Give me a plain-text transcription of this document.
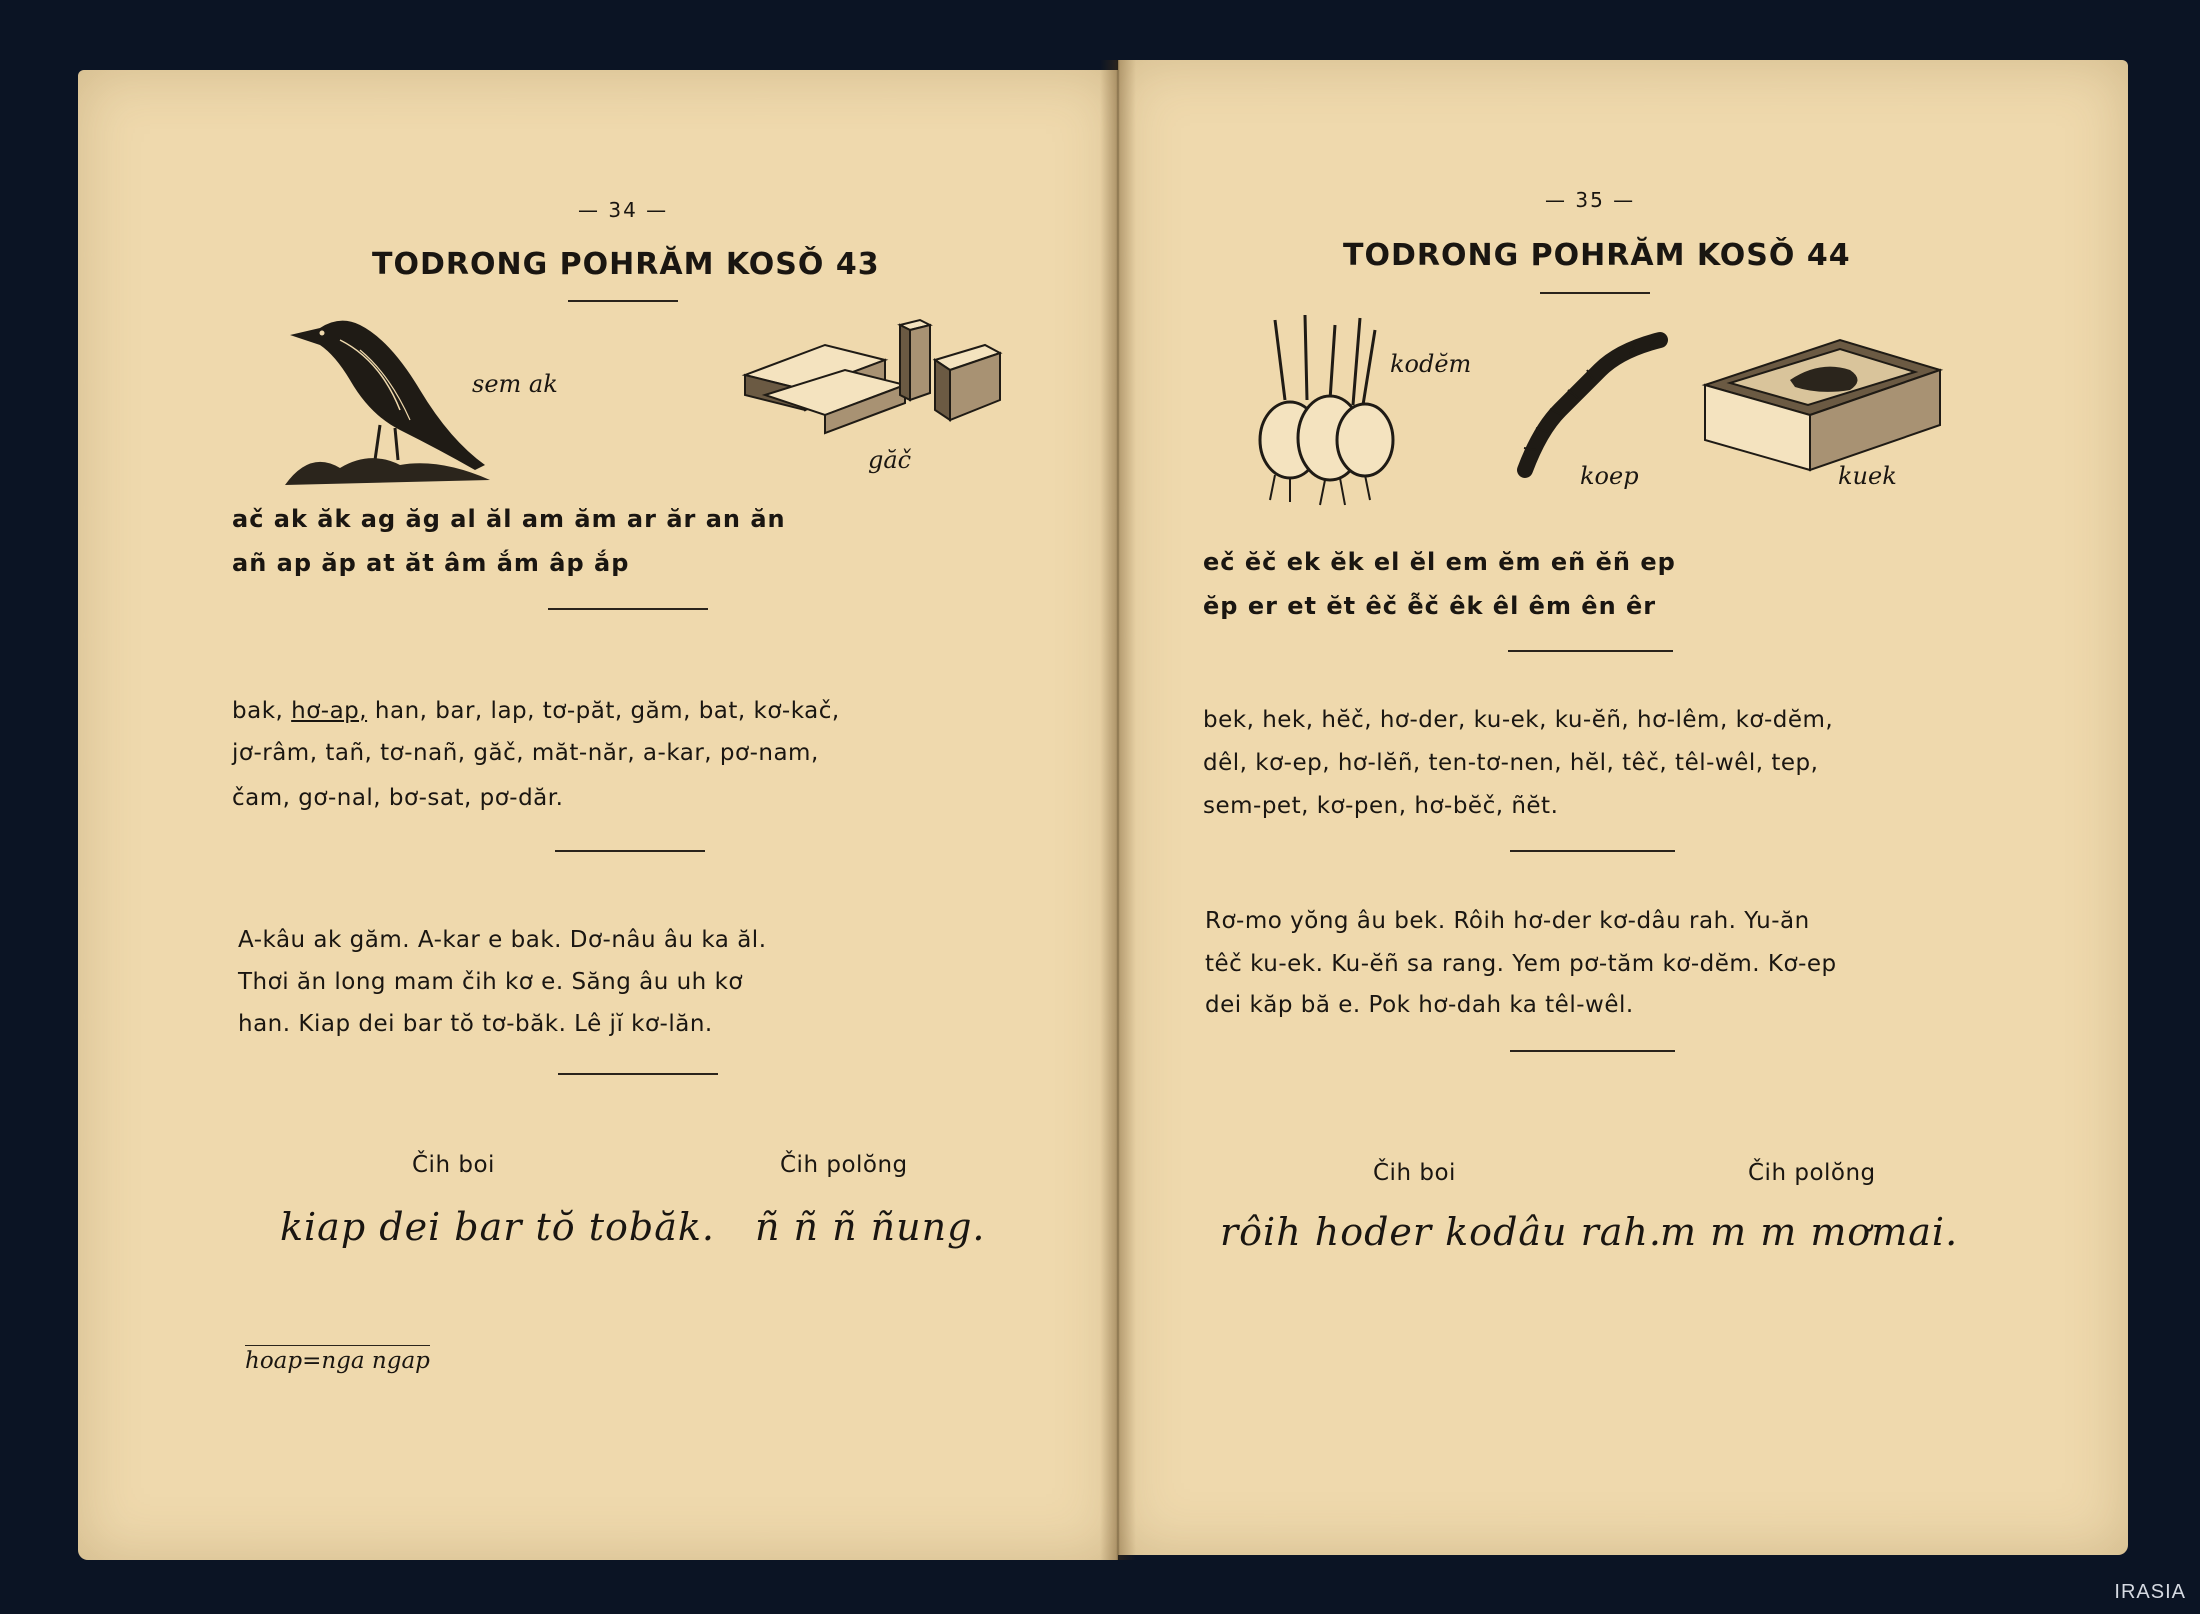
— 34 —
TODRONG POHRĂM KOSǑ 43
sem ak
găč
ač ak ăk ag ăg al ăl am ăm ar ăr an ăn
añ ap ăp at ăt âm ắm âp ắp
bak, hơ-ap, han, bar, lap, tơ-păt, găm, bat, kơ-kač,
jơ-râm, tañ, tơ-nañ, găč, măt-năr, a-kar, pơ-nam,
čam, gơ-nal, bơ-sat, pơ-dăr.
A-kâu ak găm. A-kar e bak. Dơ-nâu âu ka ăl.
Thơi ăn long mam čih kơ e. Săng âu uh kơ
han. Kiap dei bar tŏ tơ-băk. Lê jĭ kơ-lăn.
Čih boi	Čih polŏng
kiap dei bar tŏ tobăk. ñ ñ ñ ñung.
hoap=nga ngap
— 35 —
TODRONG POHRĂM KOSǑ 44
kodĕm
koep	kuek
eč ĕč ek ĕk el ĕl em ĕm eñ ĕñ ep
ĕp er et ĕt êč ễč êk êl êm ên êr
bek, hek, hĕč, hơ-der, ku-ek, ku-ĕñ, hơ-lêm, kơ-dĕm,
dêl, kơ-ep, hơ-lĕñ, ten-tơ-nen, hĕl, têč, têl-wêl, tep,
sem-pet, kơ-pen, hơ-bĕč, ñĕt.
Rơ-mo yŏng âu bek. Rôih hơ-der kơ-dâu rah. Yu-ăn
têč ku-ek. Ku-ĕñ sa rang. Yem pơ-tăm kơ-dĕm. Kơ-ep
dei kăp bă e. Pok hơ-dah ka têl-wêl.
Čih boi	Čih polŏng
rôih hoder kodâu rah.
m m m mơmai.
IRASIA
